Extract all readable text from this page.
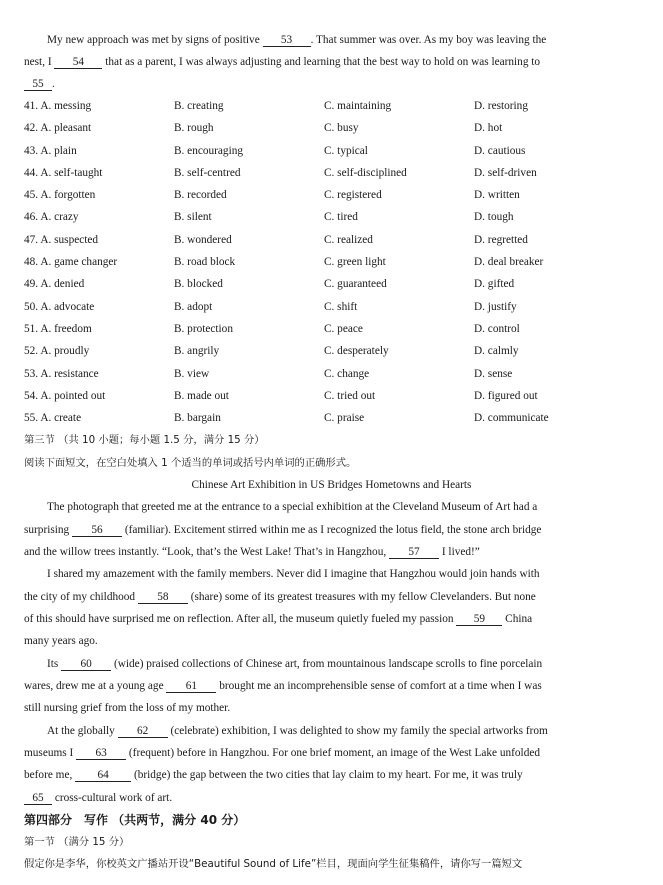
My new approach was met by signs of positive 53 . That summer was over. As my boy was leaving the
nest, I 54 that as a parent, I was always adjusting and learning that the best way to hold on was learning to
55 .
41. A. messing	B. creating	C. maintaining	D. restoring
42. A. pleasant	B. rough	C. busy	D. hot
43. A. plain	B. encouraging	C. typical	D. cautious
44. A. self-taught	B. self-centred	C. self-disciplined	D. self-driven
45. A. forgotten	B. recorded	C. registered	D. written
46. A. crazy	B. silent	C. tired	D. tough
47. A. suspected	B. wondered	C. realized	D. regretted
48. A. game changer	B. road block	C. green light	D. deal breaker
49. A. denied	B. blocked	C. guaranteed	D. gifted
50. A. advocate	B. adopt	C. shift	D. justify
51. A. freedom	B. protection	C. peace	D. control
52. A. proudly	B. angrily	C. desperately	D. calmly
53. A. resistance	B. view	C. change	D. sense
54. A. pointed out	B. made out	C. tried out	D. figured out
55. A. create	B. bargain	C. praise	D. communicate
第三节 （共 10 小题；每小题 1.5 分，满分 15 分）
阅读下面短文，在空白处填入 1 个适当的单词或括号内单词的正确形式。
Chinese Art Exhibition in US Bridges Hometowns and Hearts
The photograph that greeted me at the entrance to a special exhibition at the Cleveland Museum of Art had a
surprising 56 (familiar). Excitement stirred within me as I recognized the lotus field, the stone arch bridge
and the willow trees instantly. “Look, that’s the West Lake! That’s in Hangzhou, 57 I lived!”
I shared my amazement with the family members. Never did I imagine that Hangzhou would join hands with
the city of my childhood 58 (share) some of its greatest treasures with my fellow Clevelanders. But none
of this should have surprised me on reflection. After all, the museum quietly fueled my passion 59 China
many years ago.
Its 60 (wide) praised collections of Chinese art, from mountainous landscape scrolls to fine porcelain
wares, drew me at a young age 61 brought me an incomprehensible sense of comfort at a time when I was
still nursing grief from the loss of my mother.
At the globally 62 (celebrate) exhibition, I was delighted to show my family the special artworks from
museums I 63 (frequent) before in Hangzhou. For one brief moment, an image of the West Lake unfolded
before me, 64 (bridge) the gap between the two cities that lay claim to my heart. For me, it was truly
65 cross-cultural work of art.
第四部分　写作 （共两节，满分 40 分）
第一节 （满分 15 分）
假定你是李华，你校英文广播站开设“Beautiful Sound of Life”栏目，现面向学生征集稿件，请你写一篇短文
